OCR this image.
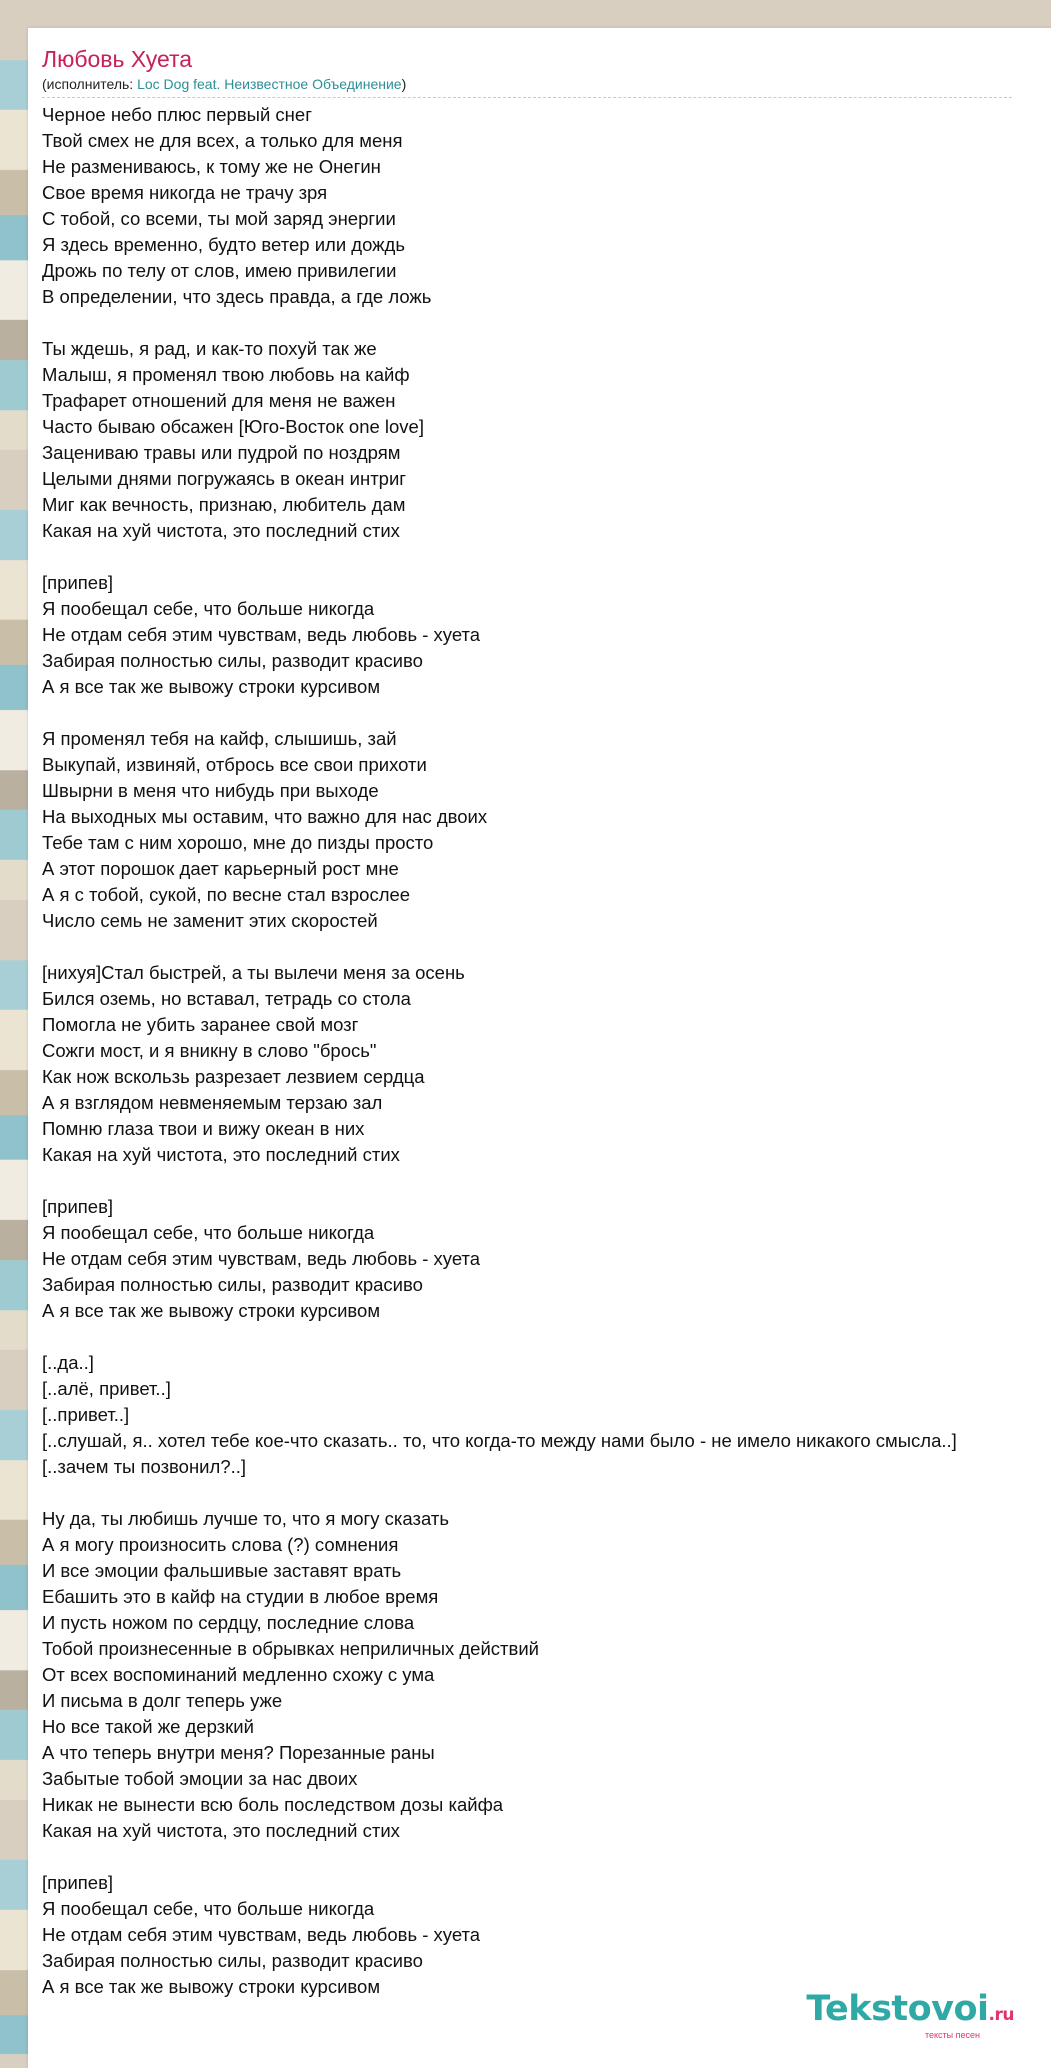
Любовь Хуета
(исполнитель: Loc Dog feat. Неизвестное Объединение)
Черное небо плюс первый снег
Твой смех не для всех, а только для меня
Не размениваюсь, к тому же не Онегин
Свое время никогда не трачу зря
С тобой, со всеми, ты мой заряд энергии
Я здесь временно, будто ветер или дождь
Дрожь по телу от слов, имею привилегии
В определении, что здесь правда, а где ложь

Ты ждешь, я рад, и как-то похуй так же
Малыш, я променял твою любовь на кайф
Трафарет отношений для меня не важен
Часто бываю обсажен [Юго-Восток one love]
Зацениваю травы или пудрой по ноздрям
Целыми днями погружаясь в океан интриг
Миг как вечность, признаю, любитель дам
Какая на хуй чистота, это последний стих

[припев]
Я пообещал себе, что больше никогда
Не отдам себя этим чувствам, ведь любовь - хуета
Забирая полностью силы, разводит красиво
А я все так же вывожу строки курсивом

Я променял тебя на кайф, слышишь, зай
Выкупай, извиняй, отбрось все свои прихоти
Швырни в меня что нибудь при выходе
На выходных мы оставим, что важно для нас двоих
Тебе там с ним хорошо, мне до пизды просто
А этот порошок дает карьерный рост мне
А я с тобой, сукой, по весне стал взрослее
Число семь не заменит этих скоростей

[нихуя]Стал быстрей, а ты вылечи меня за осень
Бился оземь, но вставал, тетрадь со стола
Помогла не убить заранее свой мозг
Сожги мост, и я вникну в слово "брось"
Как нож вскользь разрезает лезвием сердца
А я взглядом невменяемым терзаю зал
Помню глаза твои и вижу океан в них
Какая на хуй чистота, это последний стих

[припев]
Я пообещал себе, что больше никогда
Не отдам себя этим чувствам, ведь любовь - хуета
Забирая полностью силы, разводит красиво
А я все так же вывожу строки курсивом

[..да..]
[..алё, привет..]
[..привет..]
[..слушай, я.. хотел тебе кое-что сказать.. то, что когда-то между нами было - не имело никакого смысла..]
[..зачем ты позвонил?..]

Ну да, ты любишь лучше то, что я могу сказать
А я могу произносить слова (?) сомнения
И все эмоции фальшивые заставят врать
Ебашить это в кайф на студии в любое время
И пусть ножом по сердцу, последние слова
Тобой произнесенные в обрывках неприличных действий
От всех воспоминаний медленно схожу с ума
И письма в долг теперь уже
Но все такой же дерзкий
А что теперь внутри меня? Порезанные раны
Забытые тобой эмоции за нас двоих
Никак не вынести всю боль последством дозы кайфа
Какая на хуй чистота, это последний стих

[припев]
Я пообещал себе, что больше никогда
Не отдам себя этим чувствам, ведь любовь - хуета
Забирая полностью силы, разводит красиво
А я все так же вывожу строки курсивом
Tekstovoi.ru
тексты песен
